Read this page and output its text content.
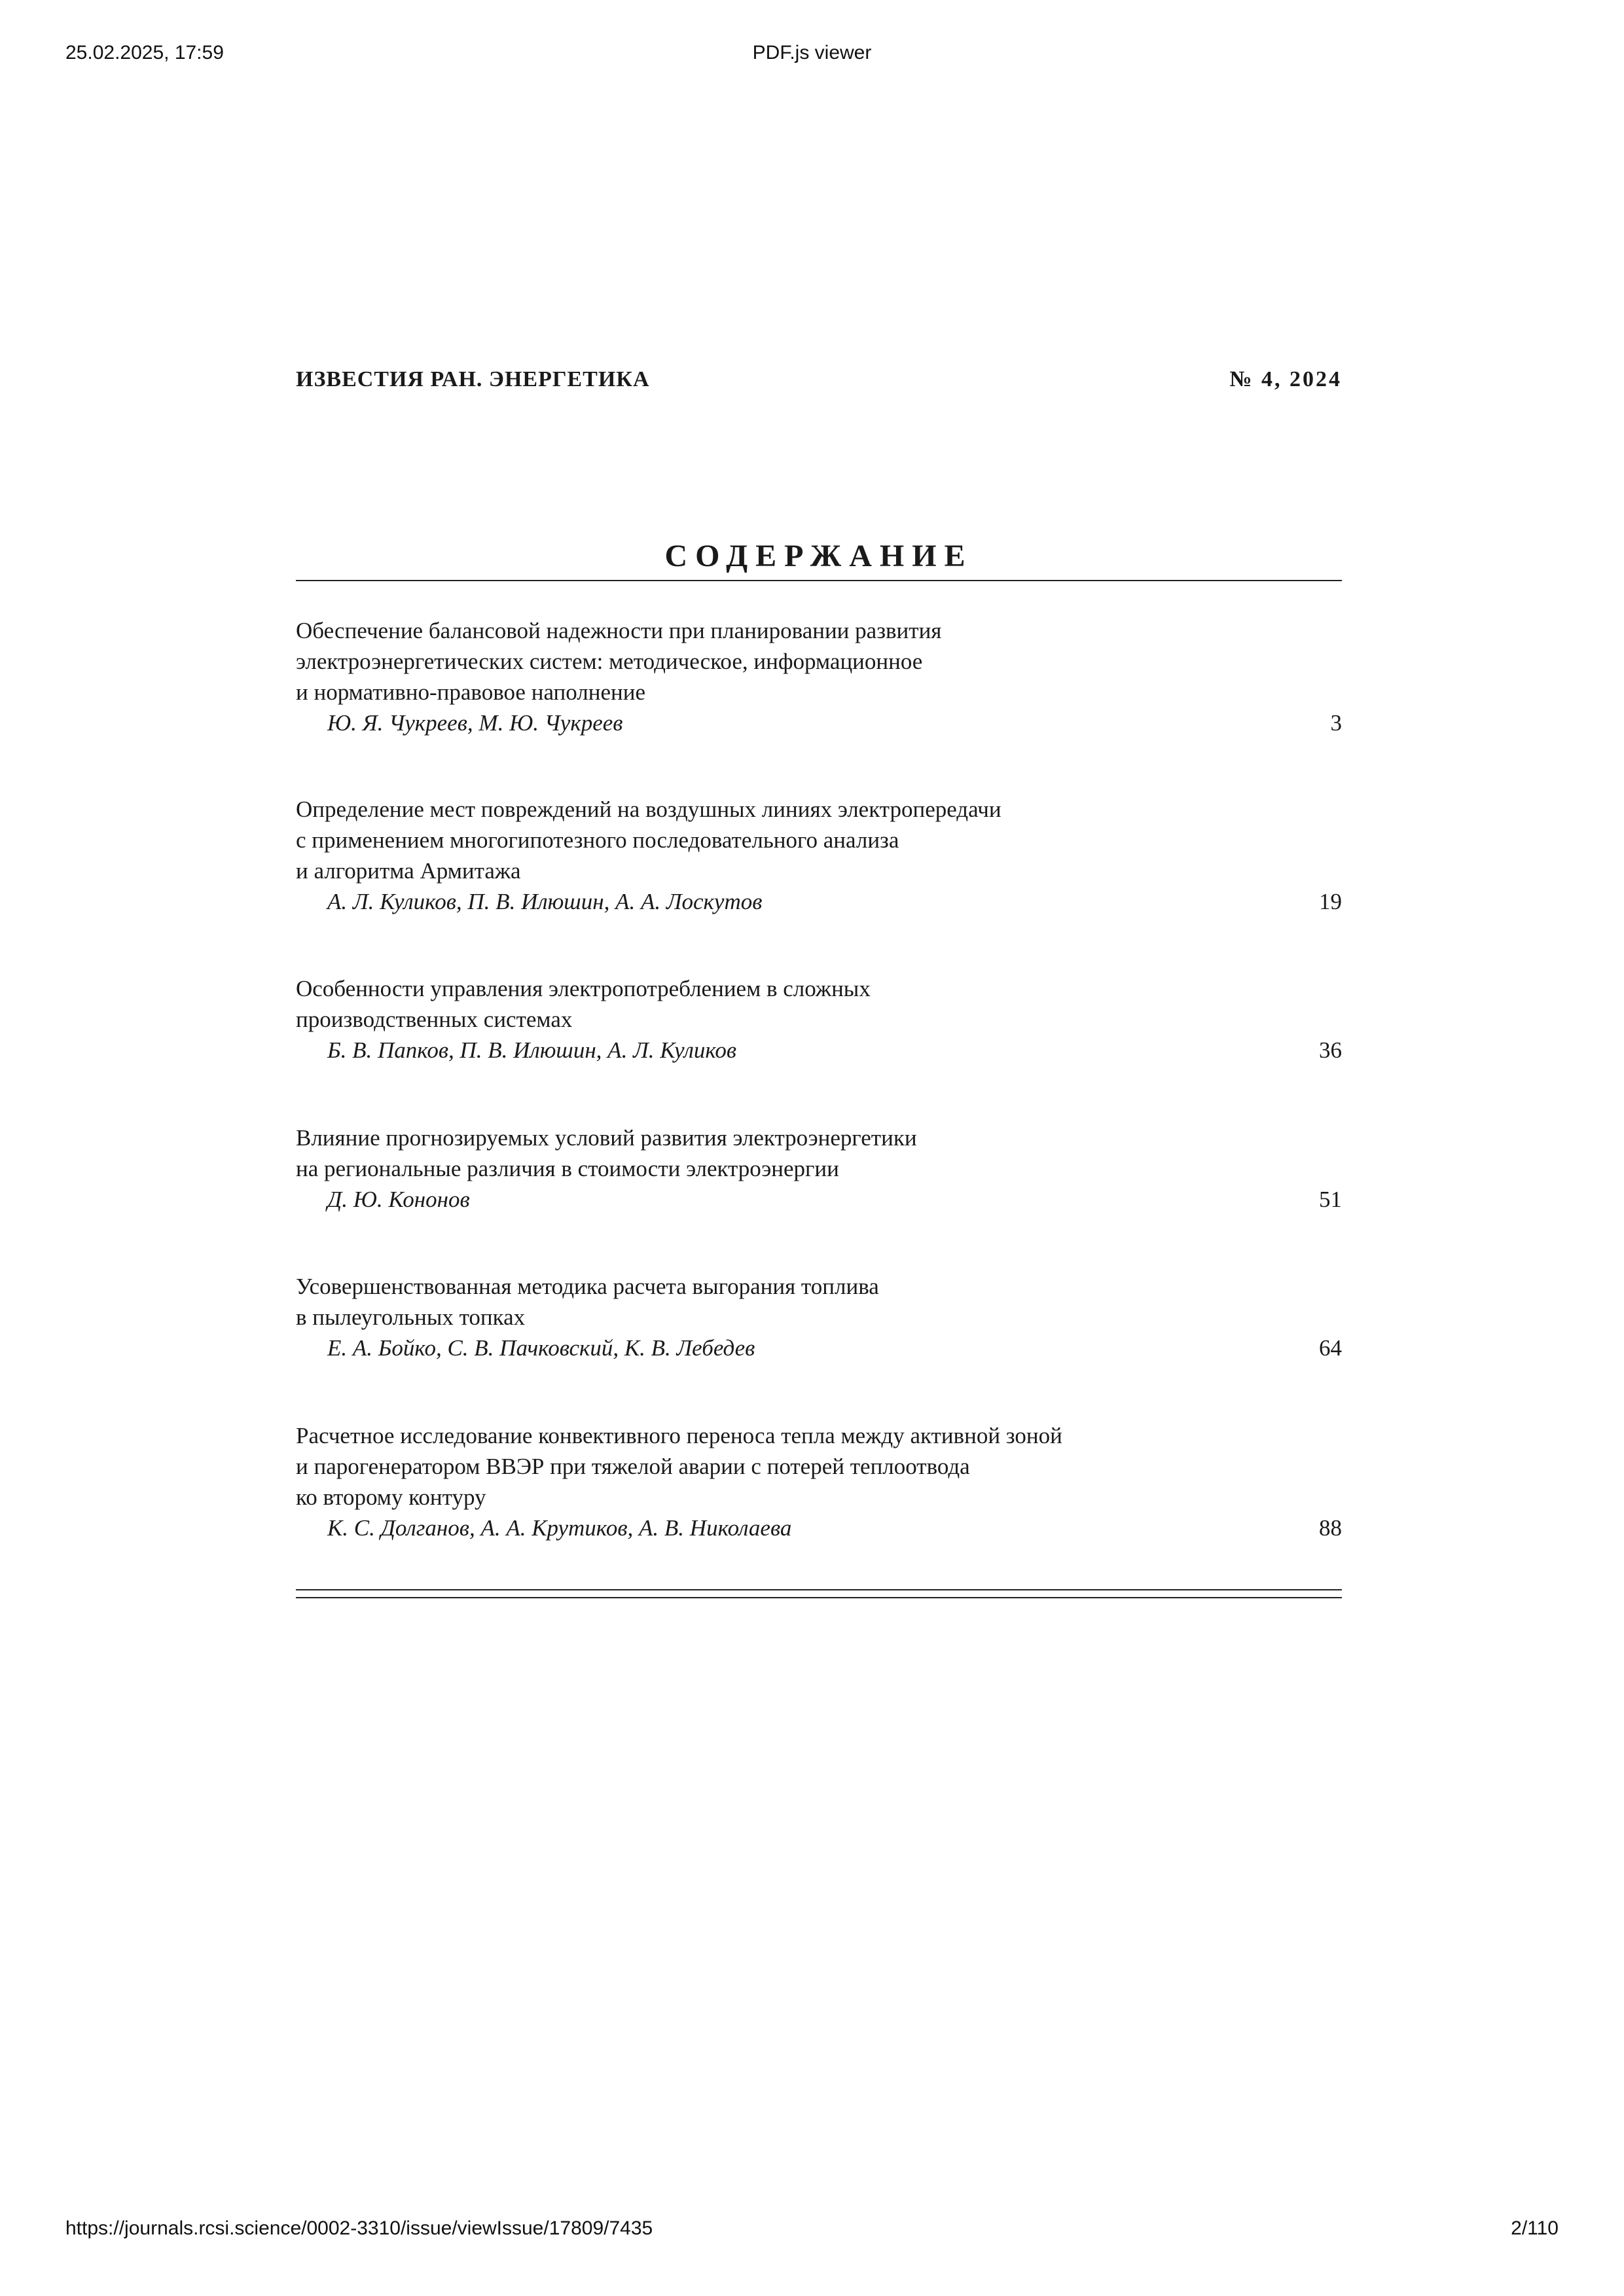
25.02.2025, 17:59	PDF.js viewer
ИЗВЕСТИЯ РАН. ЭНЕРГЕТИКА	№ 4, 2024
СОДЕРЖАНИЕ
Обеспечение балансовой надежности при планировании развития
электроэнергетических систем: методическое, информационное
и нормативно-правовое наполнение
Ю. Я. Чукреев, М. Ю. Чукреев	3
Определение мест повреждений на воздушных линиях электропередачи
с применением многогипотезного последовательного анализа
и алгоритма Армитажа
А. Л. Куликов, П. В. Илюшин, А. А. Лоскутов	19
Особенности управления электропотреблением в сложных
производственных системах
Б. В. Папков, П. В. Илюшин, А. Л. Куликов	36
Влияние прогнозируемых условий развития электроэнергетики
на региональные различия в стоимости электроэнергии
Д. Ю. Кононов	51
Усовершенствованная методика расчета выгорания топлива
в пылеугольных топках
Е. А. Бойко, С. В. Пачковский, К. В. Лебедев	64
Расчетное исследование конвективного переноса тепла между активной зоной
и парогенератором ВВЭР при тяжелой аварии с потерей теплоотвода
ко второму контуру
К. С. Долганов, А. А. Крутиков, А. В. Николаева	88
https://journals.rcsi.science/0002-3310/issue/viewIssue/17809/7435	2/110
